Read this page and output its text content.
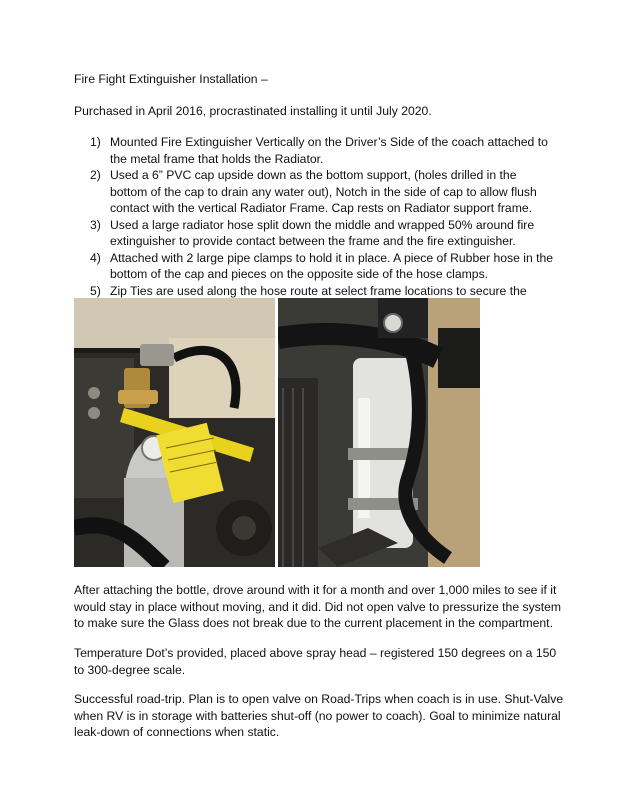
Fire Fight Extinguisher Installation –
Purchased in April 2016, procrastinated installing it until July 2020.
1) Mounted Fire Extinguisher Vertically on the Driver’s Side of the coach attached to the metal frame that holds the Radiator.
2) Used a 6” PVC cap upside down as the bottom support, (holes drilled in the bottom of the cap to drain any water out), Notch in the side of cap to allow flush contact with the vertical Radiator Frame. Cap rests on Radiator support frame.
3) Used a large radiator hose split down the middle and wrapped 50% around fire extinguisher to provide contact between the frame and the fire extinguisher.
4) Attached with 2 large pipe clamps to hold it in place. A piece of Rubber hose in the bottom of the cap and pieces on the opposite side of the hose clamps.
5) Zip Ties are used along the hose route at select frame locations to secure the
After attaching the bottle, drove around with it for a month and over 1,000 miles to see if it would stay in place without moving, and it did. Did not open valve to pressurize the system to make sure the Glass does not break due to the current placement in the compartment.
Temperature Dot’s provided, placed above spray head – registered 150 degrees on a 150 to 300-degree scale.
Successful road-trip. Plan is to open valve on Road-Trips when coach is in use. Shut-Valve when RV is in storage with batteries shut-off (no power to coach). Goal to minimize natural leak-down of connections when static.
